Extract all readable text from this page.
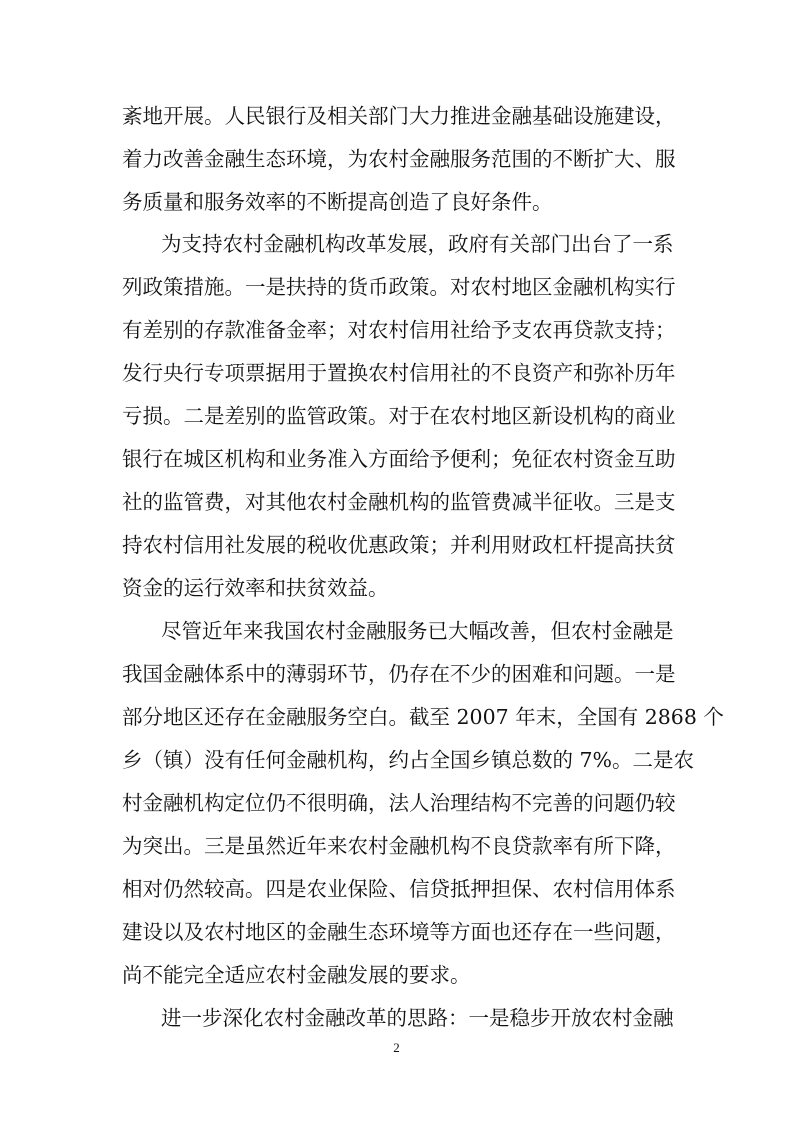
紊地开展。人民银行及相关部门大力推进金融基础设施建设，
着力改善金融生态环境，为农村金融服务范围的不断扩大、服
务质量和服务效率的不断提高创造了良好条件。
为支持农村金融机构改革发展，政府有关部门出台了一系
列政策措施。一是扶持的货币政策。对农村地区金融机构实行
有差别的存款准备金率；对农村信用社给予支农再贷款支持；
发行央行专项票据用于置换农村信用社的不良资产和弥补历年
亏损。二是差别的监管政策。对于在农村地区新设机构的商业
银行在城区机构和业务准入方面给予便利；免征农村资金互助
社的监管费，对其他农村金融机构的监管费减半征收。三是支
持农村信用社发展的税收优惠政策；并利用财政杠杆提高扶贫
资金的运行效率和扶贫效益。
尽管近年来我国农村金融服务已大幅改善，但农村金融是
我国金融体系中的薄弱环节，仍存在不少的困难和问题。一是
部分地区还存在金融服务空白。截至 2007 年末，全国有 2868 个
乡（镇）没有任何金融机构，约占全国乡镇总数的 7%。二是农
村金融机构定位仍不很明确，法人治理结构不完善的问题仍较
为突出。三是虽然近年来农村金融机构不良贷款率有所下降，
相对仍然较高。四是农业保险、信贷抵押担保、农村信用体系
建设以及农村地区的金融生态环境等方面也还存在一些问题，
尚不能完全适应农村金融发展的要求。
进一步深化农村金融改革的思路：一是稳步开放农村金融
2
